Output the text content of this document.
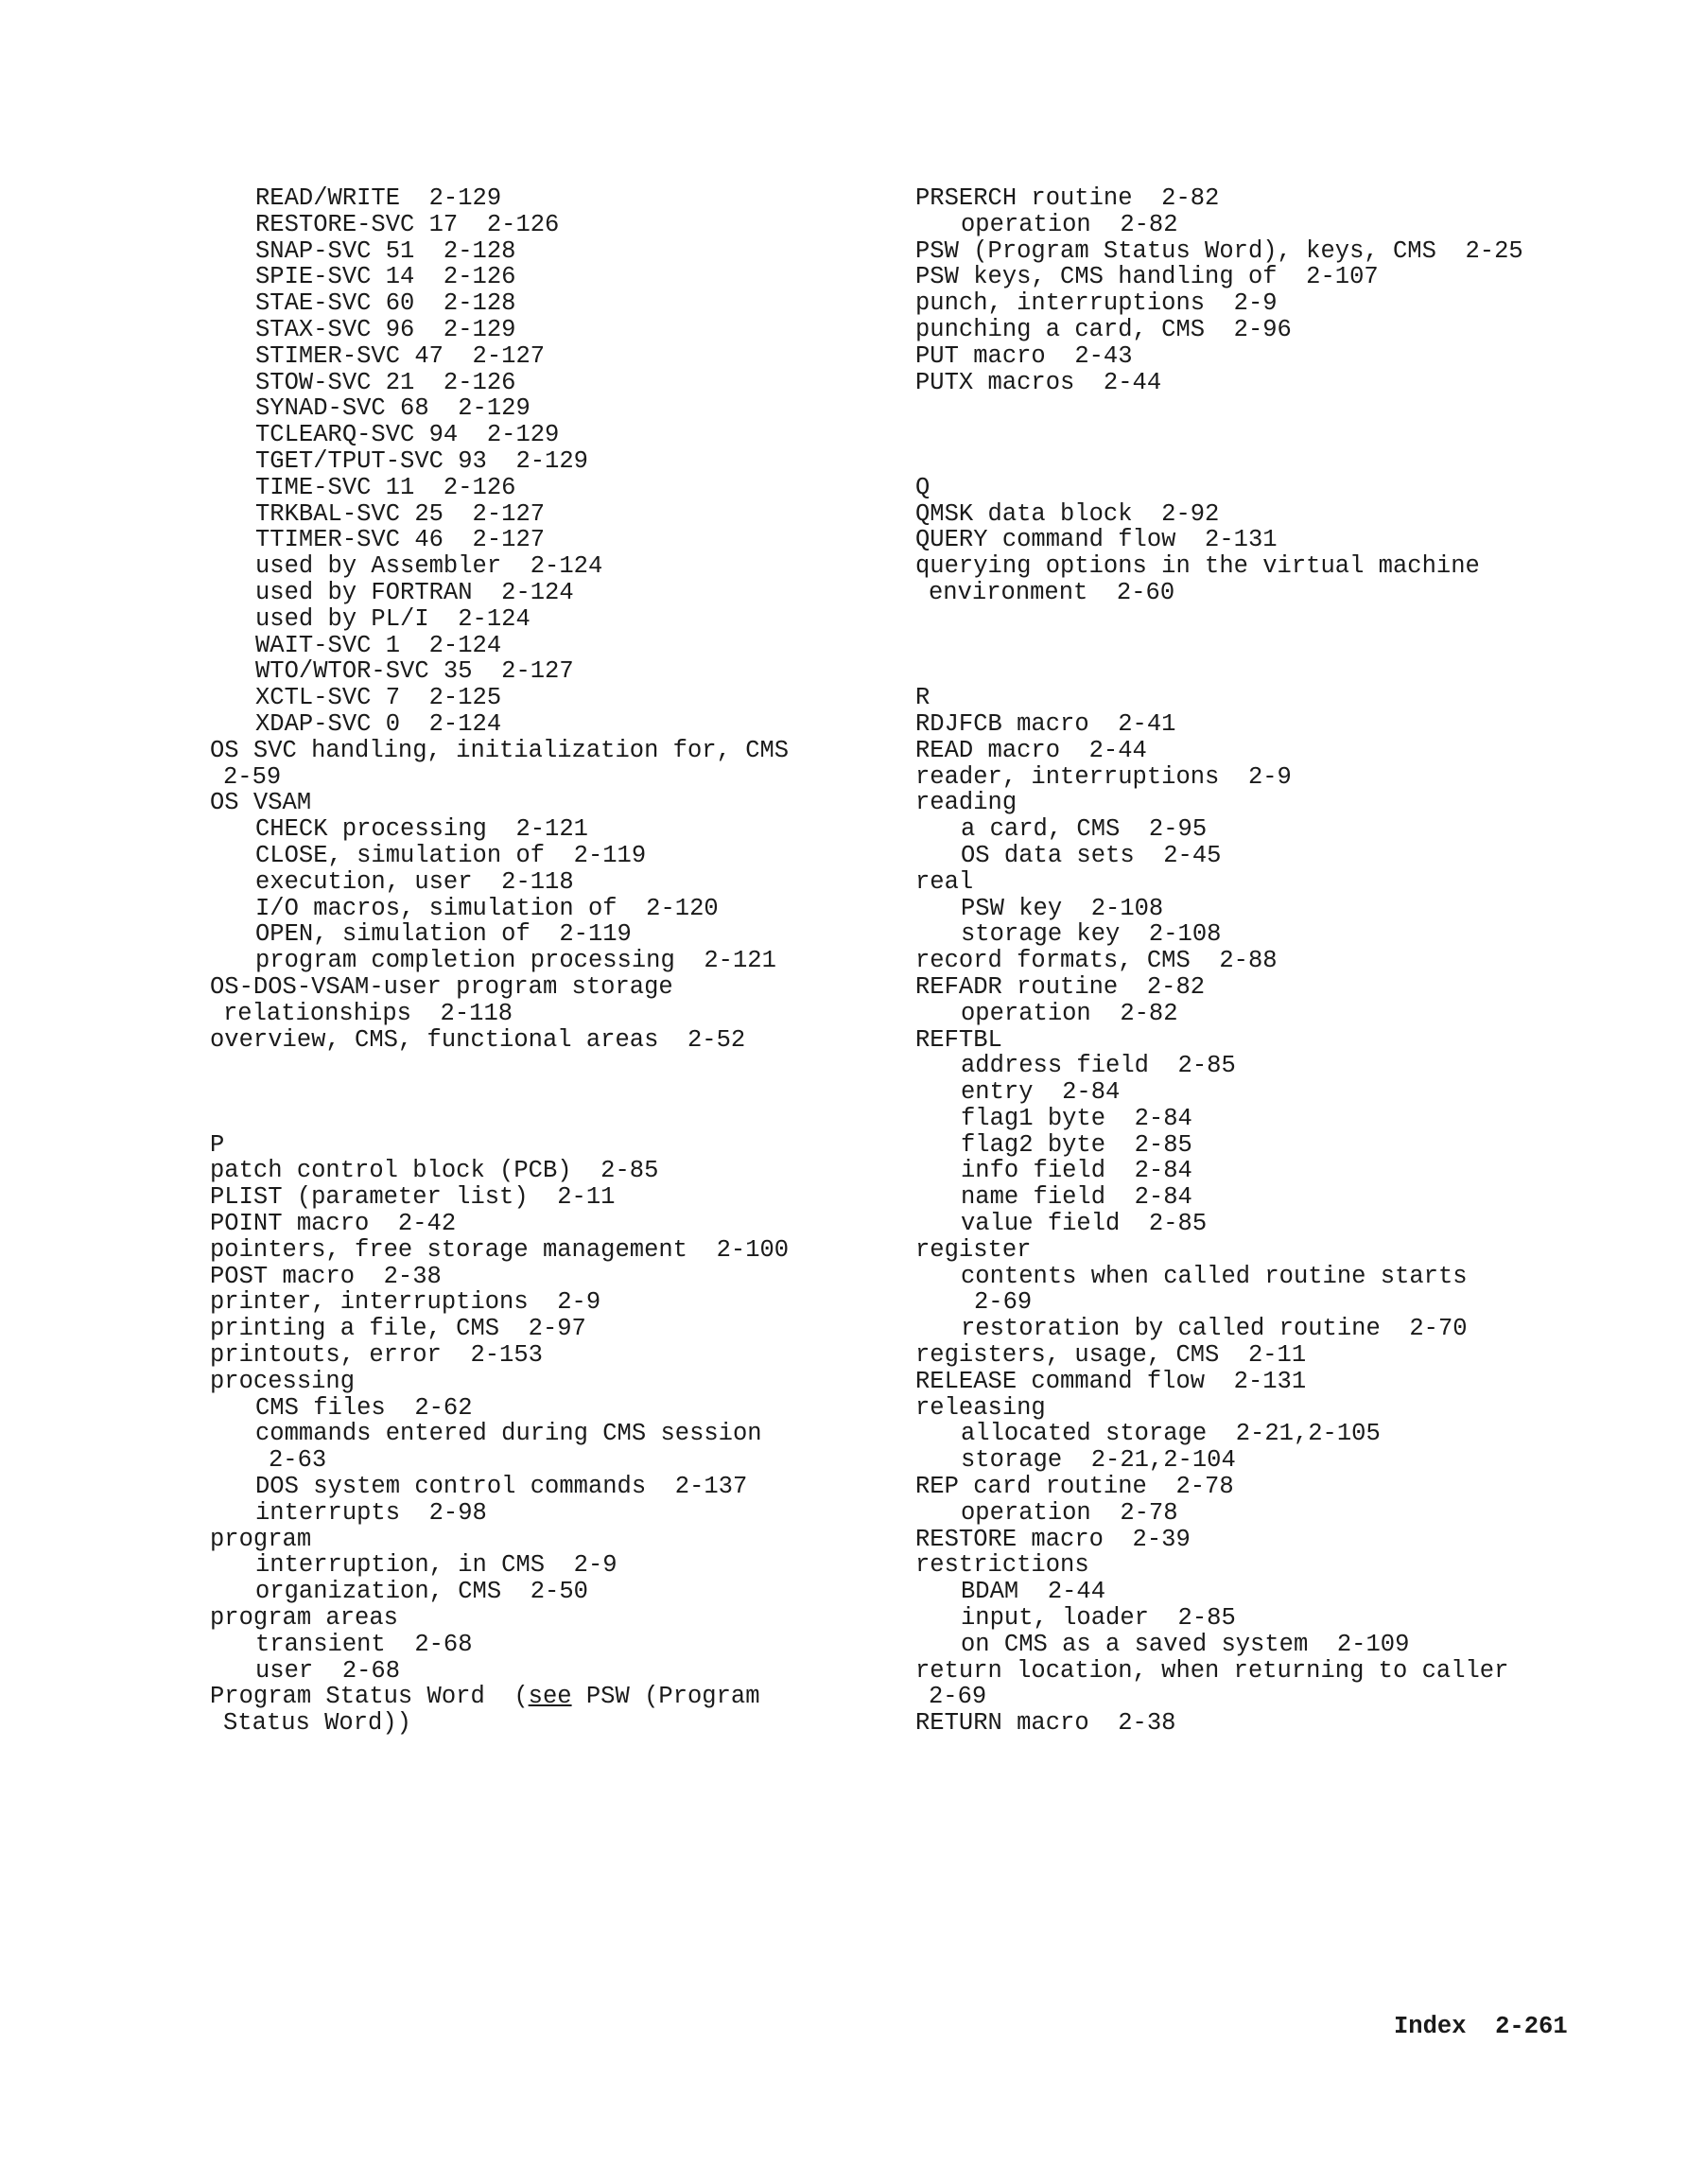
READ/WRITE  2-129
RESTORE-SVC 17  2-126
SNAP-SVC 51  2-128
SPIE-SVC 14  2-126
STAE-SVC 60  2-128
STAX-SVC 96  2-129
STIMER-SVC 47  2-127
STOW-SVC 21  2-126
SYNAD-SVC 68  2-129
TCLEARQ-SVC 94  2-129
TGET/TPUT-SVC 93  2-129
TIME-SVC 11  2-126
TRKBAL-SVC 25  2-127
TTIMER-SVC 46  2-127
used by Assembler  2-124
used by FORTRAN  2-124
used by PL/I  2-124
WAIT-SVC 1  2-124
WTO/WTOR-SVC 35  2-127
XCTL-SVC 7  2-125
XDAP-SVC 0  2-124
OS SVC handling, initialization for, CMS
2-59
OS VSAM
CHECK processing  2-121
CLOSE, simulation of  2-119
execution, user  2-118
I/O macros, simulation of  2-120
OPEN, simulation of  2-119
program completion processing  2-121
OS-DOS-VSAM-user program storage
relationships  2-118
overview, CMS, functional areas  2-52
P
patch control block (PCB)  2-85
PLIST (parameter list)  2-11
POINT macro  2-42
pointers, free storage management  2-100
POST macro  2-38
printer, interruptions  2-9
printing a file, CMS  2-97
printouts, error  2-153
processing
CMS files  2-62
commands entered during CMS session
2-63
DOS system control commands  2-137
interrupts  2-98
program
interruption, in CMS  2-9
organization, CMS  2-50
program areas
transient  2-68
user  2-68
Program Status Word  (see PSW (Program
Status Word))
PRSERCH routine  2-82
operation  2-82
PSW (Program Status Word), keys, CMS  2-25
PSW keys, CMS handling of  2-107
punch, interruptions  2-9
punching a card, CMS  2-96
PUT macro  2-43
PUTX macros  2-44
Q
QMSK data block  2-92
QUERY command flow  2-131
querying options in the virtual machine
environment  2-60
R
RDJFCB macro  2-41
READ macro  2-44
reader, interruptions  2-9
reading
a card, CMS  2-95
OS data sets  2-45
real
PSW key  2-108
storage key  2-108
record formats, CMS  2-88
REFADR routine  2-82
operation  2-82
REFTBL
address field  2-85
entry  2-84
flag1 byte  2-84
flag2 byte  2-85
info field  2-84
name field  2-84
value field  2-85
register
contents when called routine starts
2-69
restoration by called routine  2-70
registers, usage, CMS  2-11
RELEASE command flow  2-131
releasing
allocated storage  2-21,2-105
storage  2-21,2-104
REP card routine  2-78
operation  2-78
RESTORE macro  2-39
restrictions
BDAM  2-44
input, loader  2-85
on CMS as a saved system  2-109
return location, when returning to caller
2-69
RETURN macro  2-38
Index  2-261
